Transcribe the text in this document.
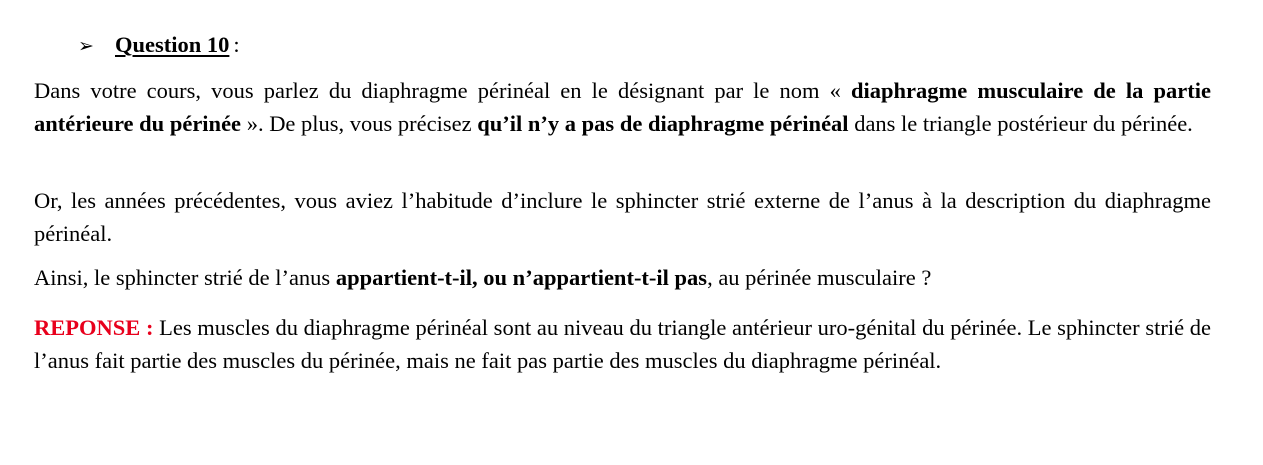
➢ Question 10 :

Dans votre cours, vous parlez du diaphragme périnéal en le désignant par le nom « diaphragme musculaire de la partie antérieure du périnée ». De plus, vous précisez qu’il n’y a pas de diaphragme périnéal dans le triangle postérieur du périnée.

Or, les années précédentes, vous aviez l’habitude d’inclure le sphincter strié externe de l’anus à la description du diaphragme périnéal.

Ainsi, le sphincter strié de l’anus appartient-t-il, ou n’appartient-t-il pas, au périnée musculaire ?

REPONSE : Les muscles du diaphragme périnéal sont au niveau du triangle antérieur uro-génital du périnée. Le sphincter strié de l’anus fait partie des muscles du périnée, mais ne fait pas partie des muscles du diaphragme périnéal.
